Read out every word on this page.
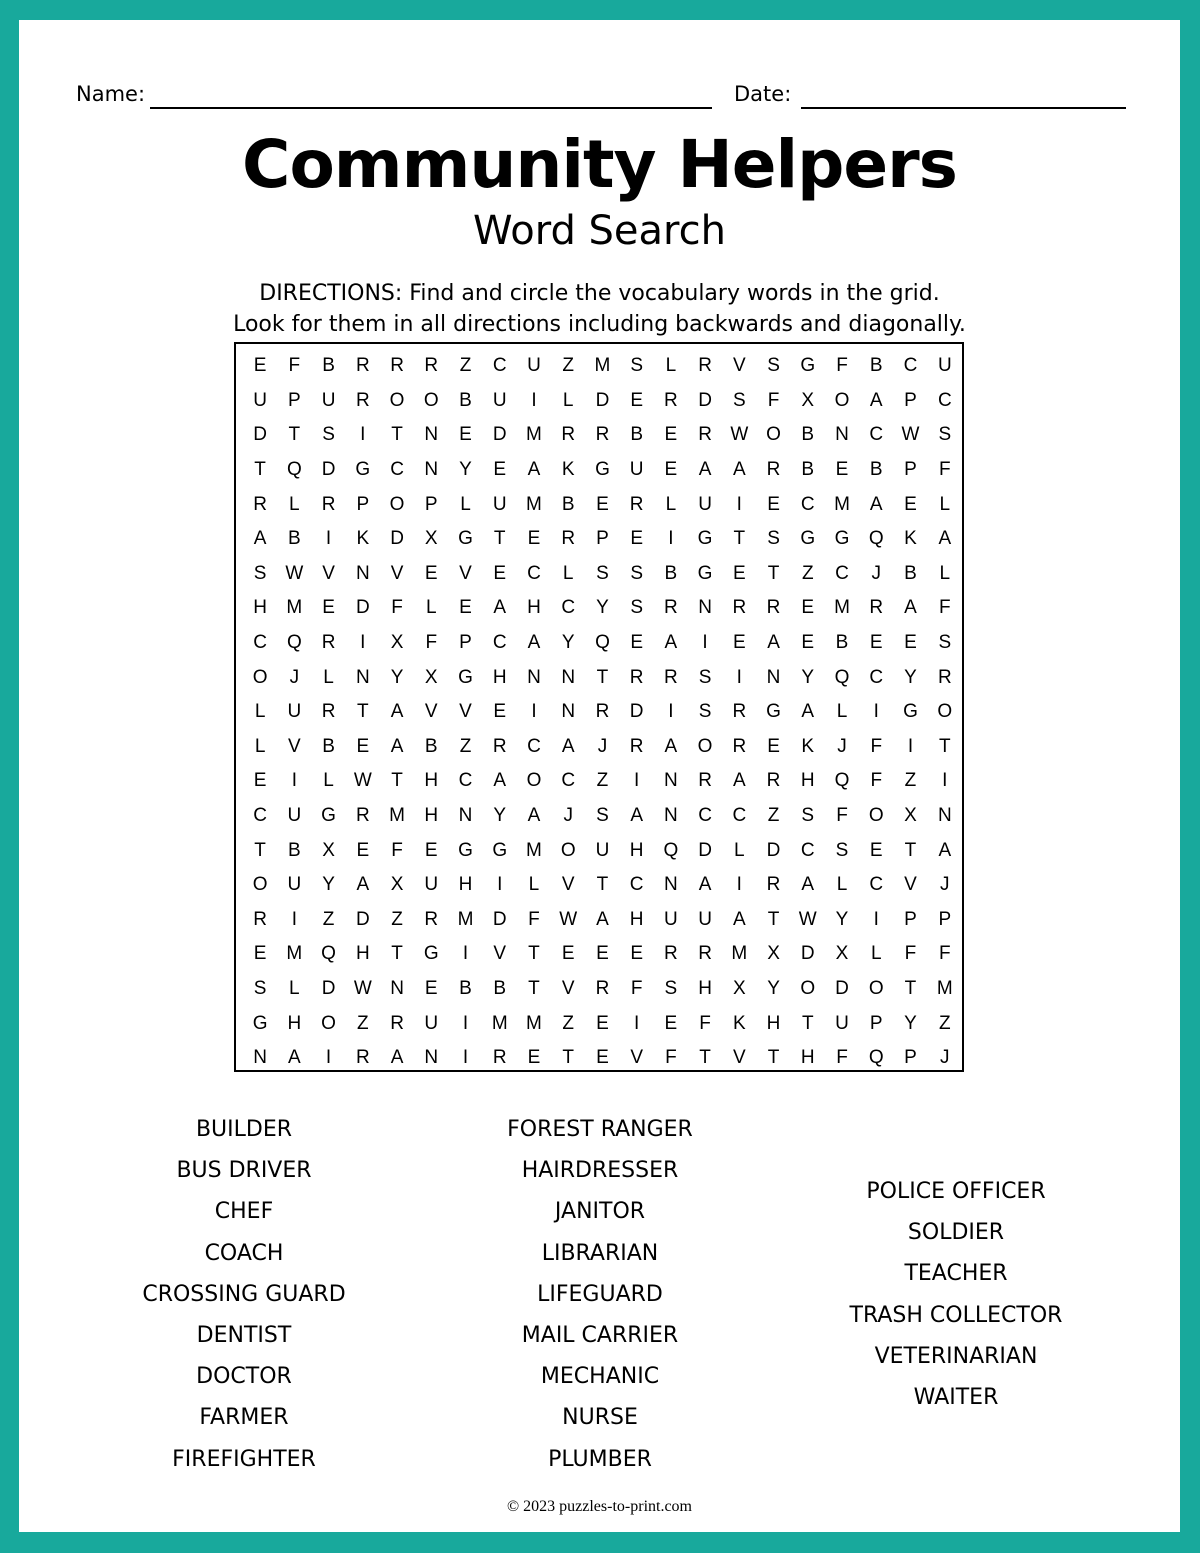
Name:	Date:
Community Helpers
Word Search
DIRECTIONS: Find and circle the vocabulary words in the grid.
Look for them in all directions including backwards and diagonally.
E	F	B	R	R	R	Z	C	U	Z	M	S	L	R	V	S	G	F	B	C	U
U	P	U	R	O	O	B	U	I	L	D	E	R	D	S	F	X	O	A	P	C
D	T	S	I	T	N	E	D	M	R	R	B	E	R	W	O	B	N	C	W	S
T	Q	D	G	C	N	Y	E	A	K	G	U	E	A	A	R	B	E	B	P	F
R	L	R	P	O	P	L	U	M	B	E	R	L	U	I	E	C	M	A	E	L
A	B	I	K	D	X	G	T	E	R	P	E	I	G	T	S	G	G	Q	K	A
S	W	V	N	V	E	V	E	C	L	S	S	B	G	E	T	Z	C	J	B	L
H	M	E	D	F	L	E	A	H	C	Y	S	R	N	R	R	E	M	R	A	F
C	Q	R	I	X	F	P	C	A	Y	Q	E	A	I	E	A	E	B	E	E	S
O	J	L	N	Y	X	G	H	N	N	T	R	R	S	I	N	Y	Q	C	Y	R
L	U	R	T	A	V	V	E	I	N	R	D	I	S	R	G	A	L	I	G	O
L	V	B	E	A	B	Z	R	C	A	J	R	A	O	R	E	K	J	F	I	T
E	I	L	W	T	H	C	A	O	C	Z	I	N	R	A	R	H	Q	F	Z	I
C	U	G	R	M	H	N	Y	A	J	S	A	N	C	C	Z	S	F	O	X	N
T	B	X	E	F	E	G	G	M	O	U	H	Q	D	L	D	C	S	E	T	A
O	U	Y	A	X	U	H	I	L	V	T	C	N	A	I	R	A	L	C	V	J
R	I	Z	D	Z	R	M	D	F	W	A	H	U	U	A	T	W	Y	I	P	P
E	M	Q	H	T	G	I	V	T	E	E	E	R	R	M	X	D	X	L	F	F
S	L	D	W	N	E	B	B	T	V	R	F	S	H	X	Y	O	D	O	T	M
G	H	O	Z	R	U	I	M	M	Z	E	I	E	F	K	H	T	U	P	Y	Z
N	A	I	R	A	N	I	R	E	T	E	V	F	T	V	T	H	F	Q	P	J
BUILDER
BUS DRIVER
CHEF
COACH
CROSSING GUARD
DENTIST
DOCTOR
FARMER
FIREFIGHTER
FOREST RANGER
HAIRDRESSER
JANITOR
LIBRARIAN
LIFEGUARD
MAIL CARRIER
MECHANIC
NURSE
PLUMBER
POLICE OFFICER
SOLDIER
TEACHER
TRASH COLLECTOR
VETERINARIAN
WAITER
© 2023 puzzles-to-print.com
